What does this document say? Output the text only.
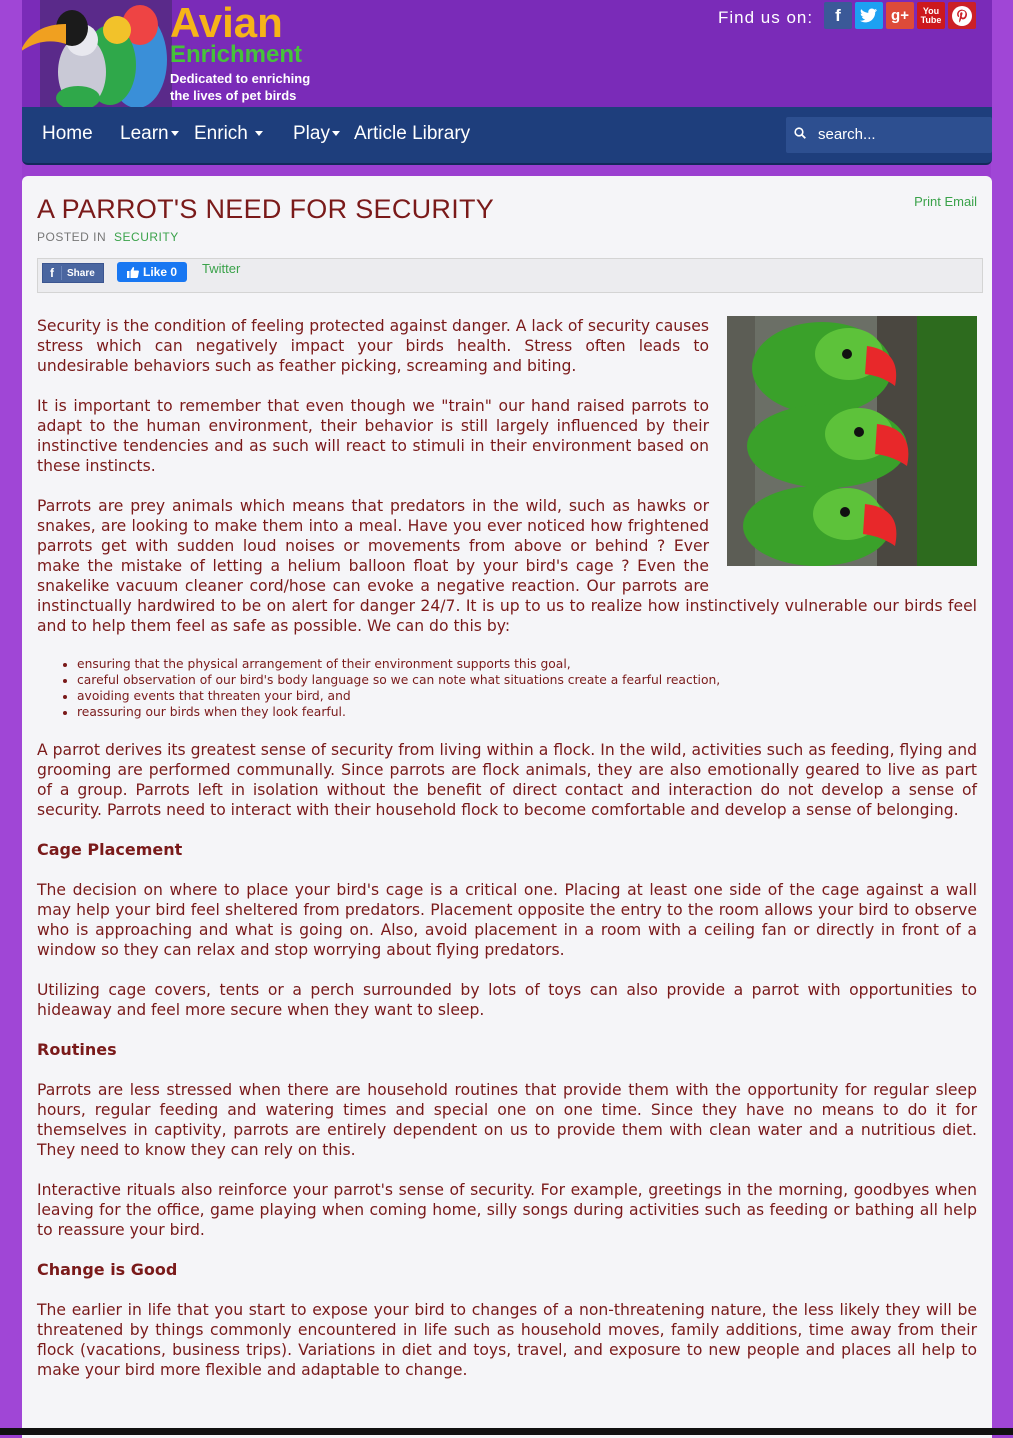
Avian
Enrichment
Dedicated to enriching the lives of pet birds
Find us on:	f	g+	You
Tube
Home Learn	Enrich	Play	Article Library
search...
A PARROT'S NEED FOR SECURITY	Print Email
POSTED IN SECURITY
f	Share	Like 0 Twitter

Security is the condition of feeling protected against danger. A lack of security causes stress which can negatively impact your birds health. Stress often leads to undesirable behaviors such as feather picking, screaming and biting.

It is important to remember that even though we "train" our hand raised parrots to adapt to the human environment, their behavior is still largely influenced by their instinctive tendencies and as such will react to stimuli in their environment based on these instincts.

Parrots are prey animals which means that predators in the wild, such as hawks or snakes, are looking to make them into a meal. Have you ever noticed how frightened parrots get with sudden loud noises or movements from above or behind ? Ever make the mistake of letting a helium balloon float by your bird's cage ? Even the snakelike vacuum cleaner cord/hose can evoke a negative reaction. Our parrots are instinctually hardwired to be on alert for danger 24/7. It is up to us to realize how instinctively vulnerable our birds feel and to help them feel as safe as possible. We can do this by:

• ensuring that the physical arrangement of their environment supports this goal,
• careful observation of our bird's body language so we can note what situations create a fearful reaction,
• avoiding events that threaten your bird, and
• reassuring our birds when they look fearful.

A parrot derives its greatest sense of security from living within a flock. In the wild, activities such as feeding, flying and grooming are performed communally. Since parrots are flock animals, they are also emotionally geared to live as part of a group. Parrots left in isolation without the benefit of direct contact and interaction do not develop a sense of security. Parrots need to interact with their household flock to become comfortable and develop a sense of belonging.

Cage Placement

The decision on where to place your bird's cage is a critical one. Placing at least one side of the cage against a wall may help your bird feel sheltered from predators. Placement opposite the entry to the room allows your bird to observe who is approaching and what is going on. Also, avoid placement in a room with a ceiling fan or directly in front of a window so they can relax and stop worrying about flying predators.

Utilizing cage covers, tents or a perch surrounded by lots of toys can also provide a parrot with opportunities to hideaway and feel more secure when they want to sleep.

Routines

Parrots are less stressed when there are household routines that provide them with the opportunity for regular sleep hours, regular feeding and watering times and special one on one time. Since they have no means to do it for themselves in captivity, parrots are entirely dependent on us to provide them with clean water and a nutritious diet. They need to know they can rely on this.

Interactive rituals also reinforce your parrot's sense of security. For example, greetings in the morning, goodbyes when leaving for the office, game playing when coming home, silly songs during activities such as feeding or bathing all help to reassure your bird.

Change is Good

The earlier in life that you start to expose your bird to changes of a non-threatening nature, the less likely they will be threatened by things commonly encountered in life such as household moves, family additions, time away from their flock (vacations, business trips). Variations in diet and toys, travel, and exposure to new people and places all help to make your bird more flexible and adaptable to change.
